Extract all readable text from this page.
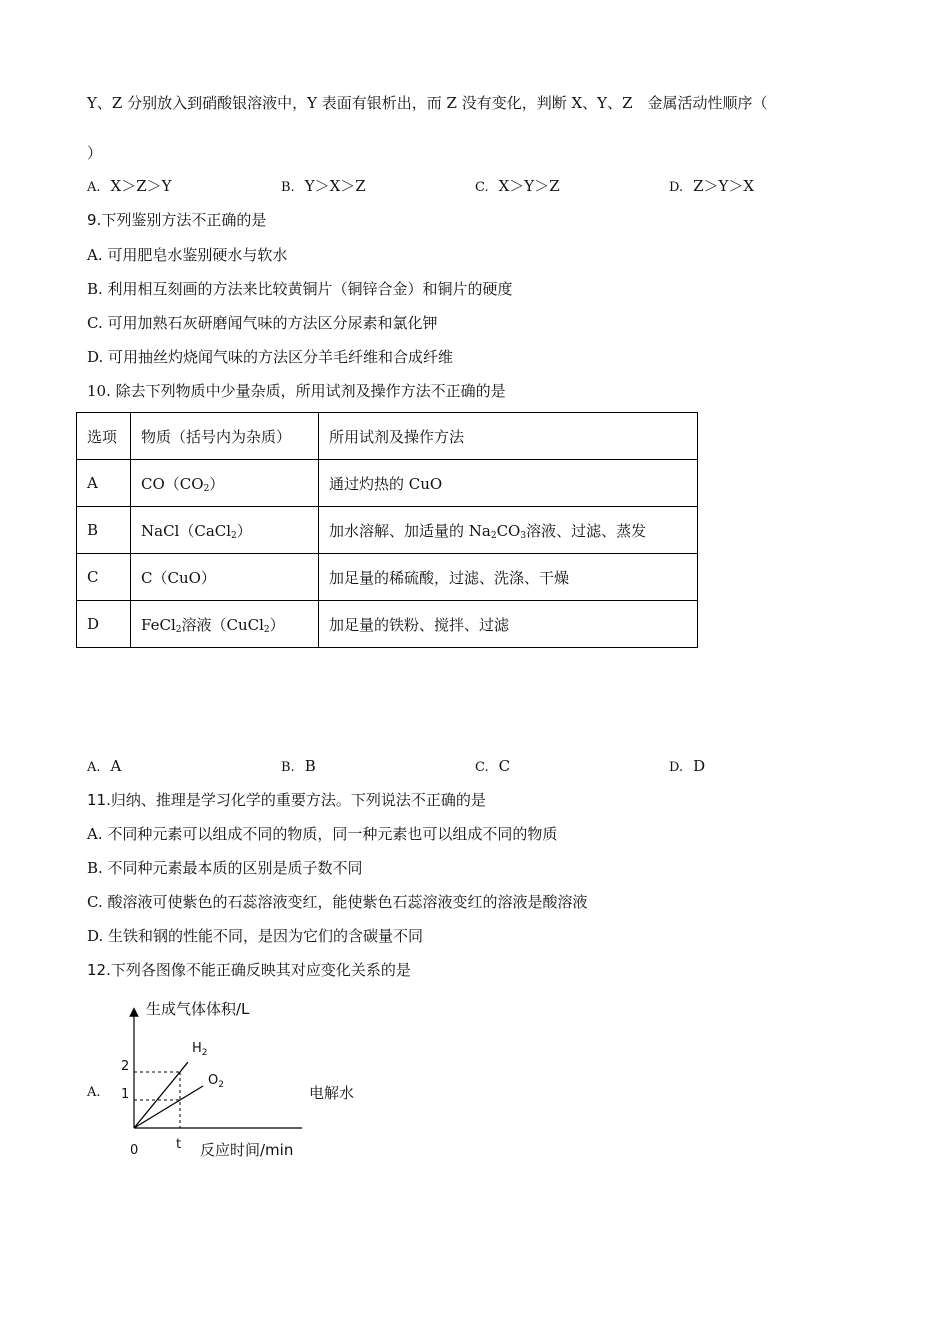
Y、Z 分别放入到硝酸银溶液中，Y 表面有银析出，而 Z 没有变化，判断 X、Y、Z　金属活动性顺序（
）
A. X＞Z＞Y	B. Y＞X＞Z	C. X＞Y＞Z	D. Z＞Y＞X
9.下列鉴别方法不正确的是
A. 可用肥皂水鉴别硬水与软水
B. 利用相互刻画的方法来比较黄铜片（铜锌合金）和铜片的硬度
C. 可用加熟石灰研磨闻气味的方法区分尿素和氯化钾
D. 可用抽丝灼烧闻气味的方法区分羊毛纤维和合成纤维
10. 除去下列物质中少量杂质，所用试剂及操作方法不正确的是
选项	物质（括号内为杂质）	所用试剂及操作方法
A	$CO(CO_2)$	通过灼热的 CuO
B	NaCl（CaCl$_2$）	加水溶解、加适量的 $Na_2CO_3$溶液、过滤、蒸发
C	C（CuO）	加足量的稀硫酸，过滤、洗涤、干燥
D	FeCl$_2$溶液（CuCl$_2$）	加足量的铁粉、搅拌、过滤
A. A	B. B	C. C	D. D
11.归纳、推理是学习化学的重要方法。下列说法不正确的是
A. 不同种元素可以组成不同的物质，同一种元素也可以组成不同的物质
B. 不同种元素最本质的区别是质子数不同
C. 酸溶液可使紫色的石蕊溶液变红，能使紫色石蕊溶液变红的溶液是酸溶液
D. 生铁和钢的性能不同，是因为它们的含碳量不同
12.下列各图像不能正确反映其对应变化关系的是
A.	电解水
生成气体体积/L
反应时间/min
0	t
2
1
$H_2$
$O_2$
